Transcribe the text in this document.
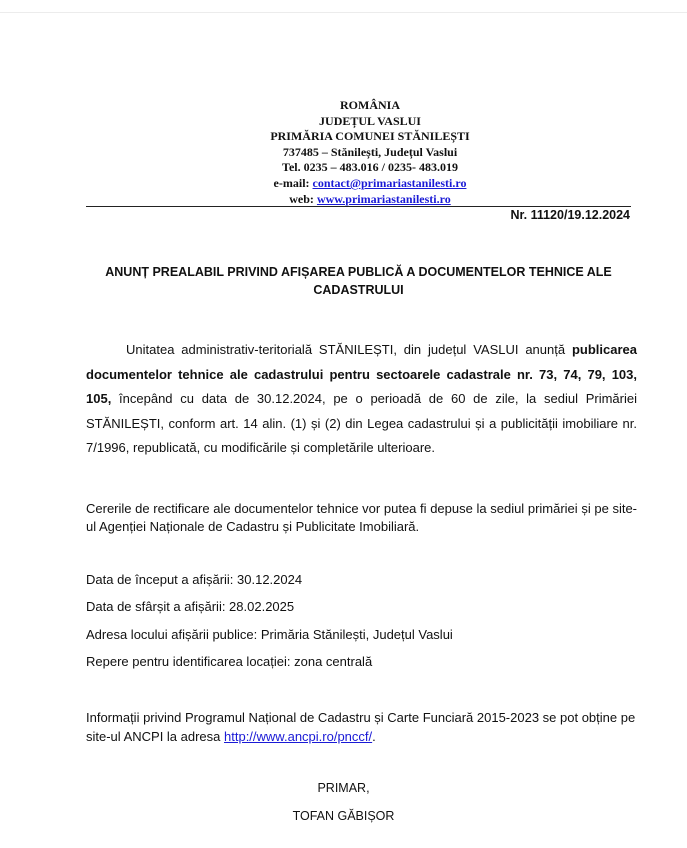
ROMÂNIA
JUDEȚUL VASLUI
PRIMĂRIA COMUNEI STĂNILEȘTI
737485 – Stănilești, Județul Vaslui
Tel. 0235 – 483.016 / 0235- 483.019
e-mail: contact@primariastanilesti.ro
web: www.primariastanilesti.ro
Nr. 11120/19.12.2024
ANUNȚ PREALABIL PRIVIND AFIȘAREA PUBLICĂ A DOCUMENTELOR TEHNICE ALE CADASTRULUI
Unitatea administrativ-teritorială STĂNILEȘTI, din județul VASLUI anunță publicarea documentelor tehnice ale cadastrului pentru sectoarele cadastrale nr. 73, 74, 79, 103, 105, începând cu data de 30.12.2024, pe o perioadă de 60 de zile, la sediul Primăriei STĂNILEȘTI, conform art. 14 alin. (1) și (2) din Legea cadastrului și a publicității imobiliare nr. 7/1996, republicată, cu modificările și completările ulterioare.
Cererile de rectificare ale documentelor tehnice vor putea fi depuse la sediul primăriei și pe site-ul Agenției Naționale de Cadastru și Publicitate Imobiliară.
Data de început a afișării: 30.12.2024
Data de sfârșit a afișării: 28.02.2025
Adresa locului afișării publice: Primăria Stănilești, Județul Vaslui
Repere pentru identificarea locației: zona centrală
Informații privind Programul Național de Cadastru și Carte Funciară 2015-2023 se pot obține pe site-ul ANCPI la adresa http://www.ancpi.ro/pnccf/.
PRIMAR,
TOFAN GĂBIȘOR
